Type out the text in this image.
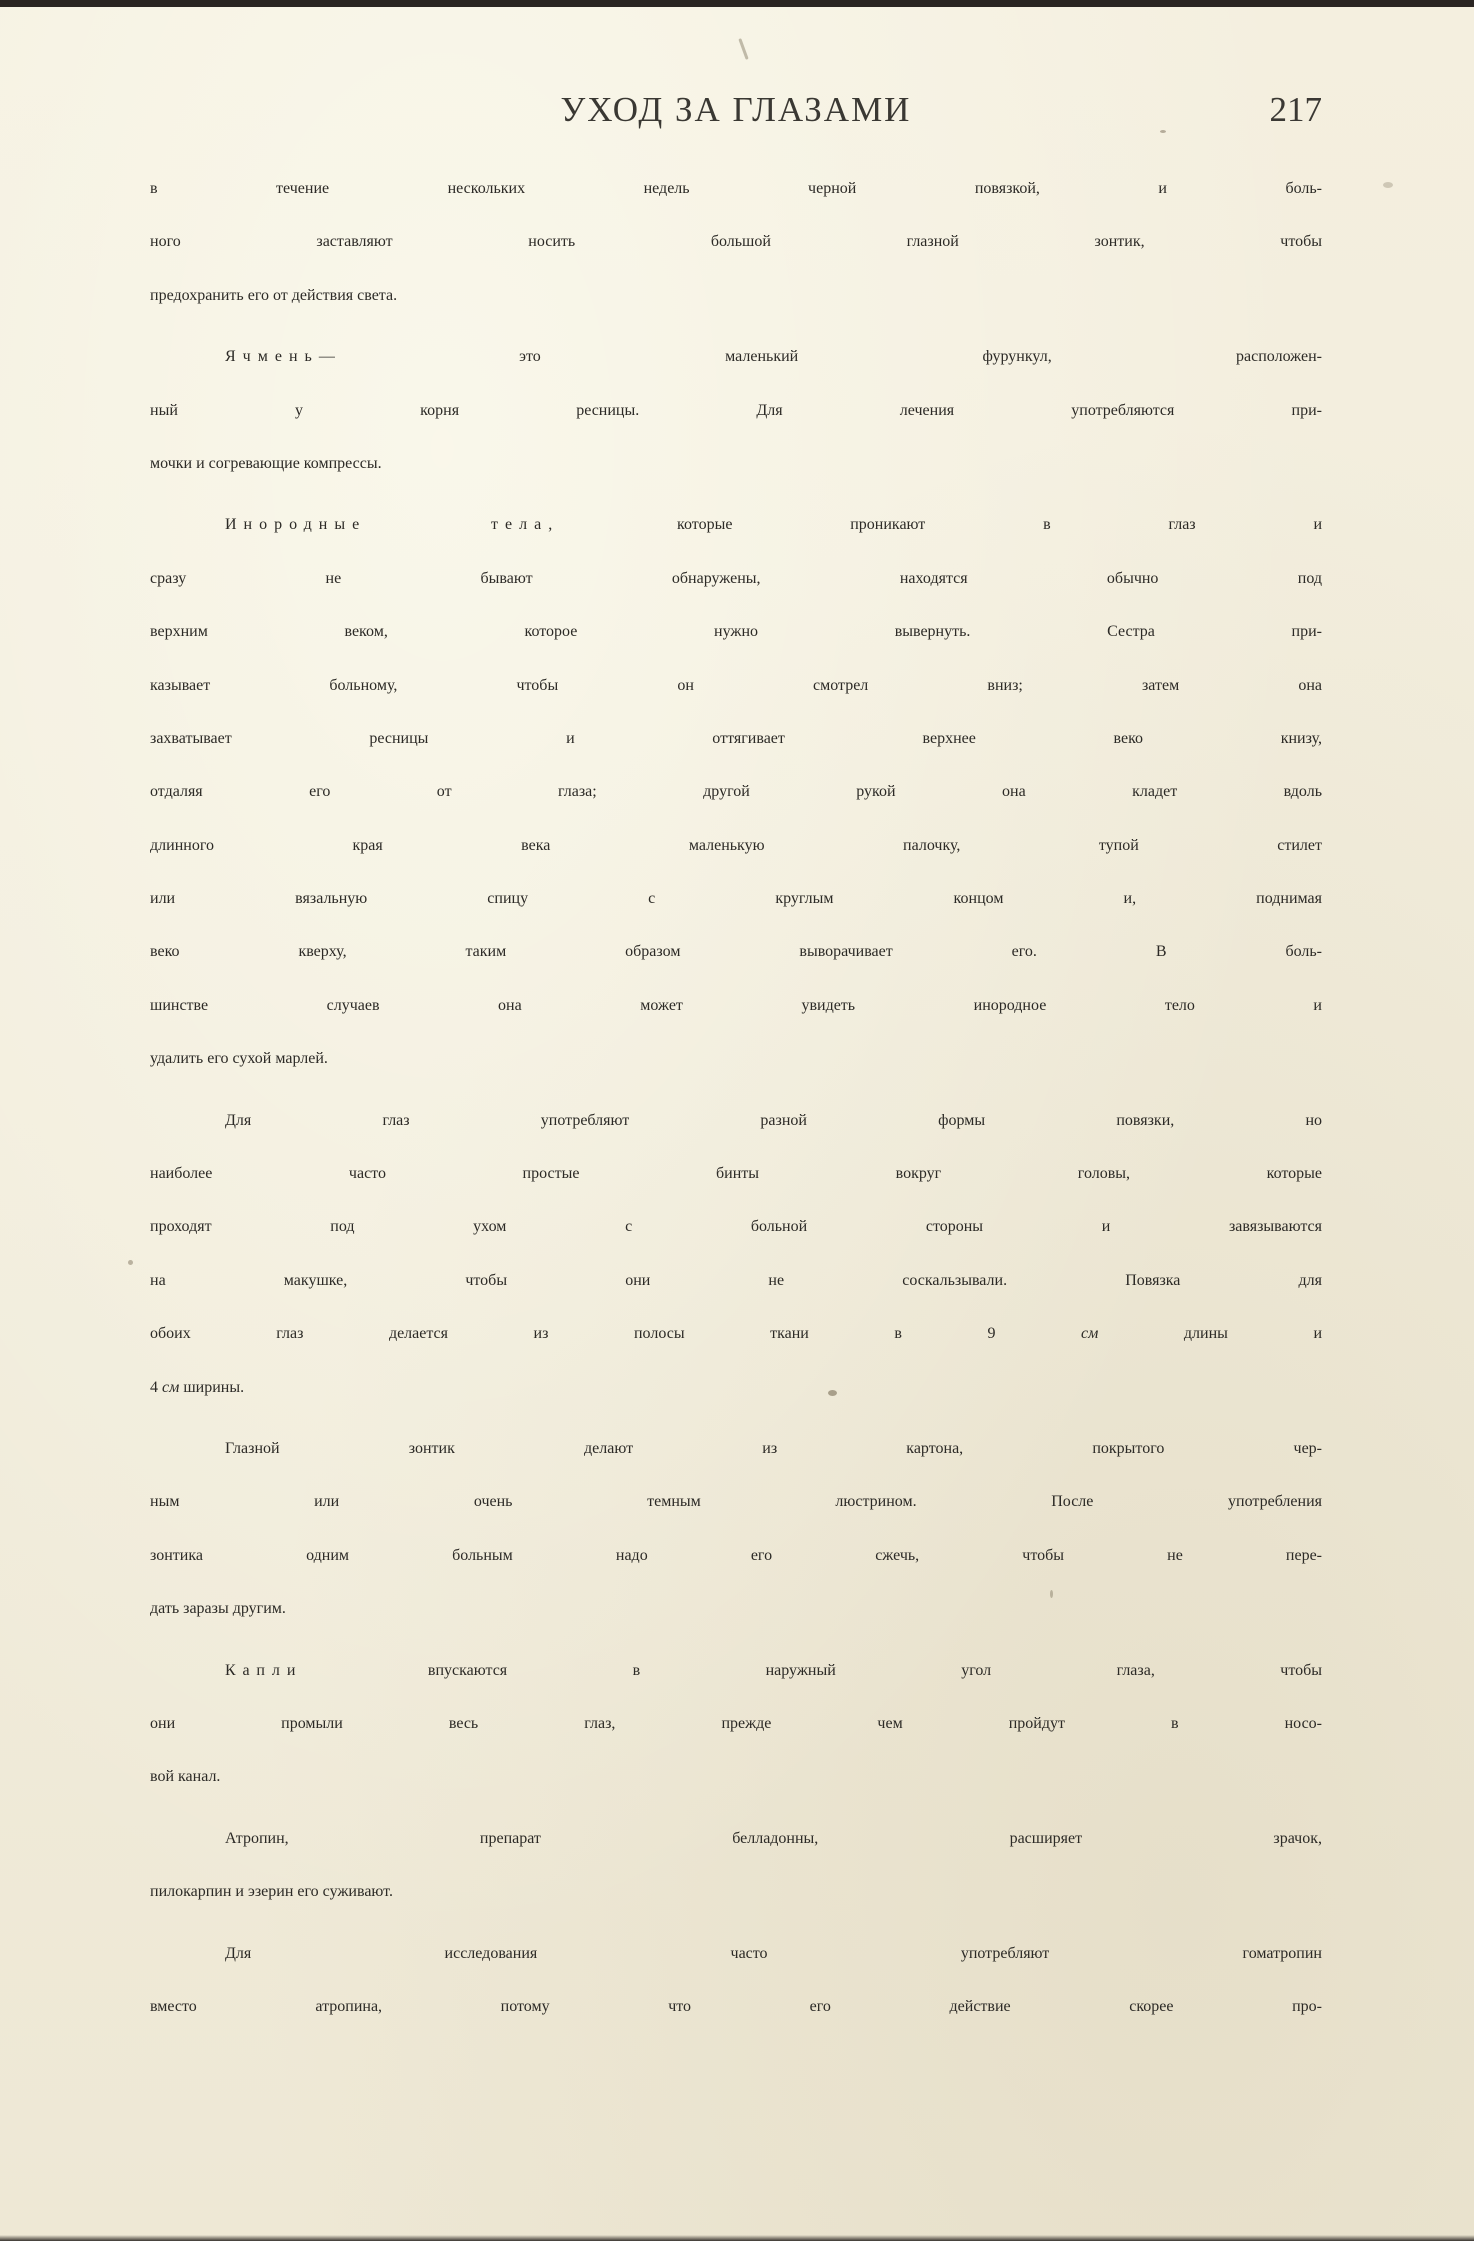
УХОД ЗА ГЛАЗАМИ	217
в течение нескольких недель черной повязкой, и боль-
ного заставляют носить большой глазной зонтик, чтобы
предохранить его от действия света.
Ячмень— это маленький фурункул, расположен-
ный у корня ресницы. Для лечения употребляются при-
мочки и согревающие компрессы.
Инородные тела, которые проникают в глаз и
сразу не бывают обнаружены, находятся обычно под
верхним веком, которое нужно вывернуть. Сестра при-
казывает больному, чтобы он смотрел вниз; затем она
захватывает ресницы и оттягивает верхнее веко книзу,
отдаляя его от глаза; другой рукой она кладет вдоль
длинного края века маленькую палочку, тупой стилет
или вязальную спицу с круглым концом и, поднимая
веко кверху, таким образом выворачивает его. В боль-
шинстве случаев она может увидеть инородное тело и
удалить его сухой марлей.
Для глаз употребляют разной формы повязки, но
наиболее часто простые бинты вокруг головы, которые
проходят под ухом с больной стороны и завязываются
на макушке, чтобы они не соскальзывали. Повязка для
обоих глаз делается из полосы ткани в 9	см	длины и
4 см ширины.
Глазной зонтик делают из картона, покрытого чер-
ным или очень темным люстрином. После употребления
зонтика одним больным надо его сжечь, чтобы не пере-
дать заразы другим.
Капли впускаются в наружный угол глаза, чтобы
они промыли весь глаз, прежде чем пройдут в носо-
вой канал.
Атропин, препарат белладонны, расширяет зрачок,
пилокарпин и эзерин его суживают.
Для исследования часто употребляют гоматропин
вместо атропина, потому что его действие скорее про-
